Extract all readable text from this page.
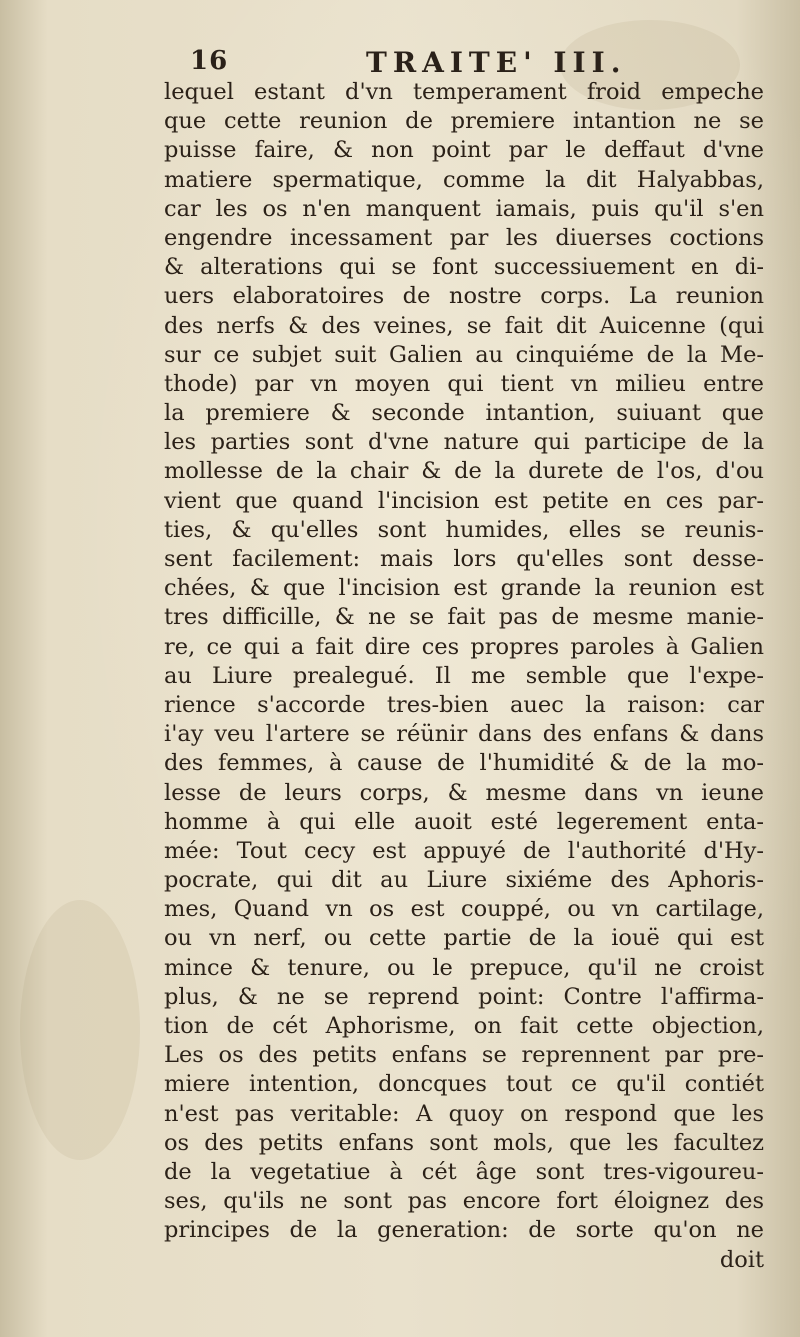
16	TRAITE' III.
lequel estant d'vn temperament froid empeche
que cette reunion de premiere intantion ne se
puisse faire, & non point par le deffaut d'vne
matiere spermatique, comme la dit Halyabbas,
car les os n'en manquent iamais, puis qu'il s'en
engendre incessament par les diuerses coctions
& alterations qui se font successiuement en di-
uers elaboratoires de nostre corps. La reunion
des nerfs & des veines, se fait dit Auicenne (qui
sur ce subjet suit Galien au cinquiéme de la Me-
thode) par vn moyen qui tient vn milieu entre
la premiere & seconde intantion, suiuant que
les parties sont d'vne nature qui participe de la
mollesse de la chair & de la durete de l'os, d'ou
vient que quand l'incision est petite en ces par-
ties, & qu'elles sont humides, elles se reunis-
sent facilement: mais lors qu'elles sont desse-
chées, & que l'incision est grande la reunion est
tres difficille, & ne se fait pas de mesme manie-
re, ce qui a fait dire ces propres paroles à Galien
au Liure prealegué. Il me semble que l'expe-
rience s'accorde tres-bien auec la raison: car
i'ay veu l'artere se réünir dans des enfans & dans
des femmes, à cause de l'humidité & de la mo-
lesse de leurs corps, & mesme dans vn ieune
homme à qui elle auoit esté legerement enta-
mée: Tout cecy est appuyé de l'authorité d'Hy-
pocrate, qui dit au Liure sixiéme des Aphoris-
mes, Quand vn os est couppé, ou vn cartilage,
ou vn nerf, ou cette partie de la iouë qui est
mince & tenure, ou le prepuce, qu'il ne croist
plus, & ne se reprend point: Contre l'affirma-
tion de cét Aphorisme, on fait cette objection,
Les os des petits enfans se reprennent par pre-
miere intention, doncques tout ce qu'il contiét
n'est pas veritable: A quoy on respond que les
os des petits enfans sont mols, que les facultez
de la vegetatiue à cét âge sont tres-vigoureu-
ses, qu'ils ne sont pas encore fort éloignez des
principes de la generation: de sorte qu'on ne
doit
